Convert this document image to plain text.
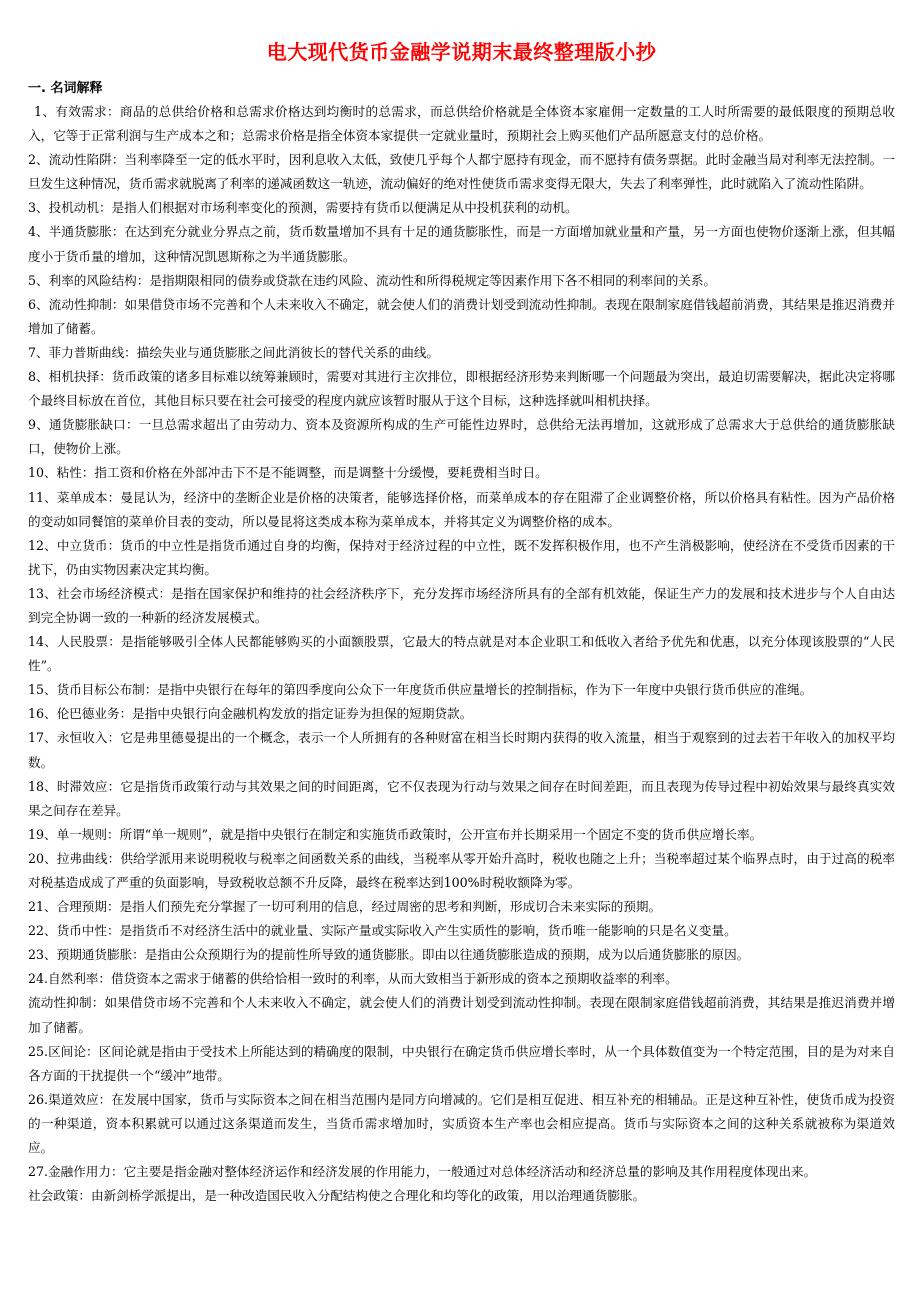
电大现代货币金融学说期末最终整理版小抄
一. 名词解释

1、有效需求：商品的总供给价格和总需求价格达到均衡时的总需求，而总供给价格就是全体资本家雇佣一定数量的工人时所需要的最低限度的预期总收入，它等于正常利润与生产成本之和；总需求价格是指全体资本家提供一定就业量时，预期社会上购买他们产品所愿意支付的总价格。

2、流动性陷阱：当利率降至一定的低水平时，因利息收入太低，致使几乎每个人都宁愿持有现金，而不愿持有债务票据。此时金融当局对利率无法控制。一旦发生这种情况，货币需求就脱离了利率的递减函数这一轨迹，流动偏好的绝对性使货币需求变得无限大，失去了利率弹性，此时就陷入了流动性陷阱。

3、投机动机：是指人们根据对市场利率变化的预测，需要持有货币以便满足从中投机获利的动机。

4、半通货膨胀：在达到充分就业分界点之前，货币数量增加不具有十足的通货膨胀性，而是一方面增加就业量和产量，另一方面也使物价逐渐上涨，但其幅度小于货币量的增加，这种情况凯恩斯称之为半通货膨胀。

5、利率的风险结构：是指期限相同的债券或贷款在违约风险、流动性和所得税规定等因素作用下各不相同的利率间的关系。

6、流动性抑制：如果借贷市场不完善和个人未来收入不确定，就会使人们的消费计划受到流动性抑制。表现在限制家庭借钱超前消费，其结果是推迟消费并增加了储蓄。

7、菲力普斯曲线：描绘失业与通货膨胀之间此消彼长的替代关系的曲线。

8、相机抉择：货币政策的诸多目标难以统筹兼顾时，需要对其进行主次排位，即根据经济形势来判断哪一个问题最为突出，最迫切需要解决，据此决定将哪个最终目标放在首位，其他目标只要在社会可接受的程度内就应该暂时服从于这个目标，这种选择就叫相机抉择。

9、通货膨胀缺口：一旦总需求超出了由劳动力、资本及资源所构成的生产可能性边界时，总供给无法再增加，这就形成了总需求大于总供给的通货膨胀缺口，使物价上涨。

10、粘性：指工资和价格在外部冲击下不是不能调整，而是调整十分缓慢，要耗费相当时日。

11、菜单成本：曼昆认为，经济中的垄断企业是价格的决策者，能够选择价格，而菜单成本的存在阻滞了企业调整价格，所以价格具有粘性。因为产品价格的变动如同餐馆的菜单价目表的变动，所以曼昆将这类成本称为菜单成本，并将其定义为调整价格的成本。

12、中立货币：货币的中立性是指货币通过自身的均衡，保持对于经济过程的中立性，既不发挥积极作用，也不产生消极影响，使经济在不受货币因素的干扰下，仍由实物因素决定其均衡。

13、社会市场经济模式：是指在国家保护和维持的社会经济秩序下，充分发挥市场经济所具有的全部有机效能，保证生产力的发展和技术进步与个人自由达到完全协调一致的一种新的经济发展模式。

14、人民股票：是指能够吸引全体人民都能够购买的小面额股票，它最大的特点就是对本企业职工和低收入者给予优先和优惠，以充分体现该股票的“人民性”。

15、货币目标公布制：是指中央银行在每年的第四季度向公众下一年度货币供应量增长的控制指标，作为下一年度中央银行货币供应的准绳。

16、伦巴德业务：是指中央银行向金融机构发放的指定证券为担保的短期贷款。

17、永恒收入：它是弗里德曼提出的一个概念，表示一个人所拥有的各种财富在相当长时期内获得的收入流量，相当于观察到的过去若干年收入的加权平均数。

18、时滞效应：它是指货币政策行动与其效果之间的时间距离，它不仅表现为行动与效果之间存在时间差距，而且表现为传导过程中初始效果与最终真实效果之间存在差异。

19、单一规则：所谓“单一规则”，就是指中央银行在制定和实施货币政策时，公开宣布并长期采用一个固定不变的货币供应增长率。

20、拉弗曲线：供给学派用来说明税收与税率之间函数关系的曲线，当税率从零开始升高时，税收也随之上升；当税率超过某个临界点时，由于过高的税率对税基造成成了严重的负面影响，导致税收总额不升反降，最终在税率达到100%时税收额降为零。

21、合理预期：是指人们预先充分掌握了一切可利用的信息，经过周密的思考和判断，形成切合未来实际的预期。

22、货币中性：是指货币不对经济生活中的就业量、实际产量或实际收入产生实质性的影响，货币唯一能影响的只是名义变量。

23、预期通货膨胀：是指由公众预期行为的提前性所导致的通货膨胀。即由以往通货膨胀造成的预期，成为以后通货膨胀的原因。

24.自然利率：借贷资本之需求于储蓄的供给恰相一致时的利率，从而大致相当于新形成的资本之预期收益率的利率。

流动性抑制：如果借贷市场不完善和个人未来收入不确定，就会使人们的消费计划受到流动性抑制。表现在限制家庭借钱超前消费，其结果是推迟消费并增加了储蓄。

25.区间论：区间论就是指由于受技术上所能达到的精确度的限制，中央银行在确定货币供应增长率时，从一个具体数值变为一个特定范围，目的是为对来自各方面的干扰提供一个“缓冲”地带。

26.渠道效应：在发展中国家，货币与实际资本之间在相当范围内是同方向增减的。它们是相互促进、相互补充的相辅品。正是这种互补性，使货币成为投资的一种渠道，资本积累就可以通过这条渠道而发生，当货币需求增加时，实质资本生产率也会相应提高。货币与实际资本之间的这种关系就被称为渠道效应。

27.金融作用力：它主要是指金融对整体经济运作和经济发展的作用能力，一般通过对总体经济活动和经济总量的影响及其作用程度体现出来。

社会政策：由新剑桥学派提出，是一种改造国民收入分配结构使之合理化和均等化的政策，用以治理通货膨胀。
